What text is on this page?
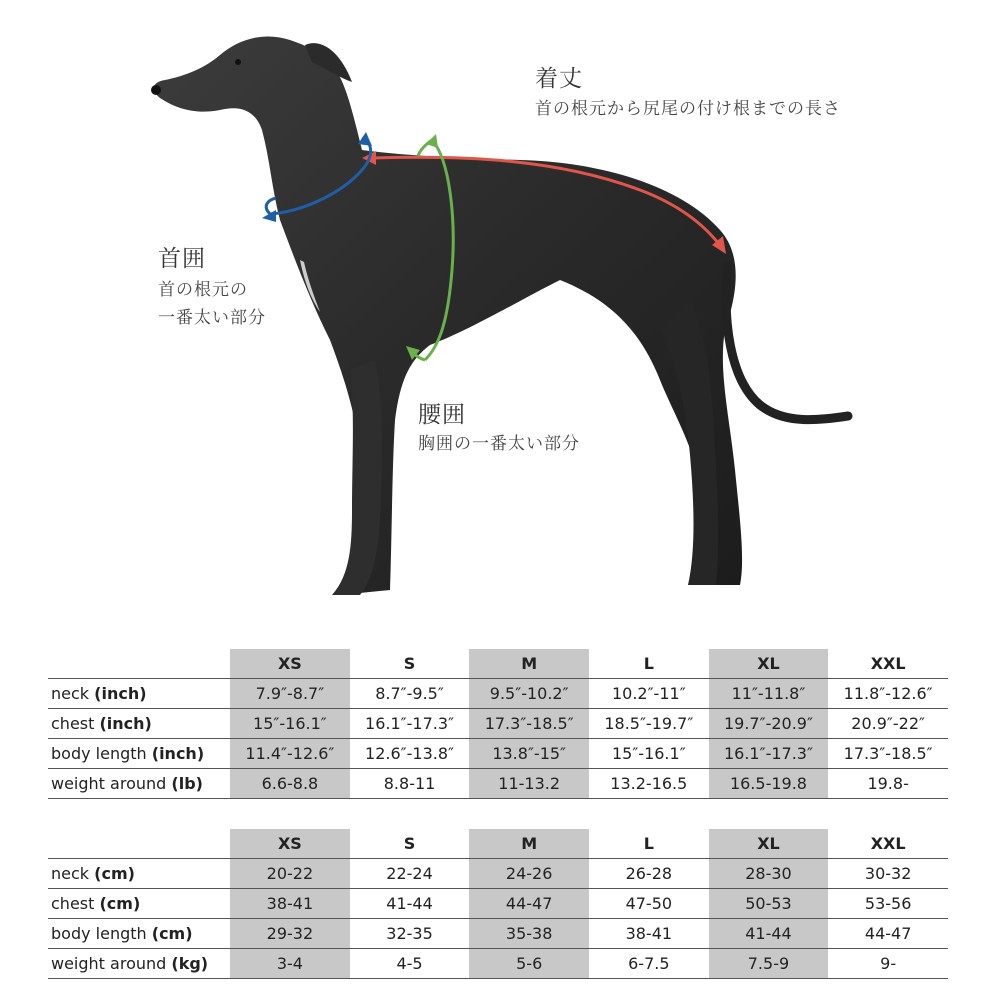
着丈
首の根元から尻尾の付け根までの長さ
首囲
首の根元の
一番太い部分
腰囲
胸囲の一番太い部分
	XS	S	M	L	XL	XXL
neck (inch)	7.9″-8.7″	8.7″-9.5″	9.5″-10.2″	10.2″-11″	11″-11.8″	11.8″-12.6″
chest (inch)	15″-16.1″	16.1″-17.3″	17.3″-18.5″	18.5″-19.7″	19.7″-20.9″	20.9″-22″
body length (inch)	11.4″-12.6″	12.6″-13.8″	13.8″-15″	15″-16.1″	16.1″-17.3″	17.3″-18.5″
weight around (lb)	6.6-8.8	8.8-11	11-13.2	13.2-16.5	16.5-19.8	19.8-
	XS	S	M	L	XL	XXL
neck (cm)	20-22	22-24	24-26	26-28	28-30	30-32
chest (cm)	38-41	41-44	44-47	47-50	50-53	53-56
body length (cm)	29-32	32-35	35-38	38-41	41-44	44-47
weight around (kg)	3-4	4-5	5-6	6-7.5	7.5-9	9-
